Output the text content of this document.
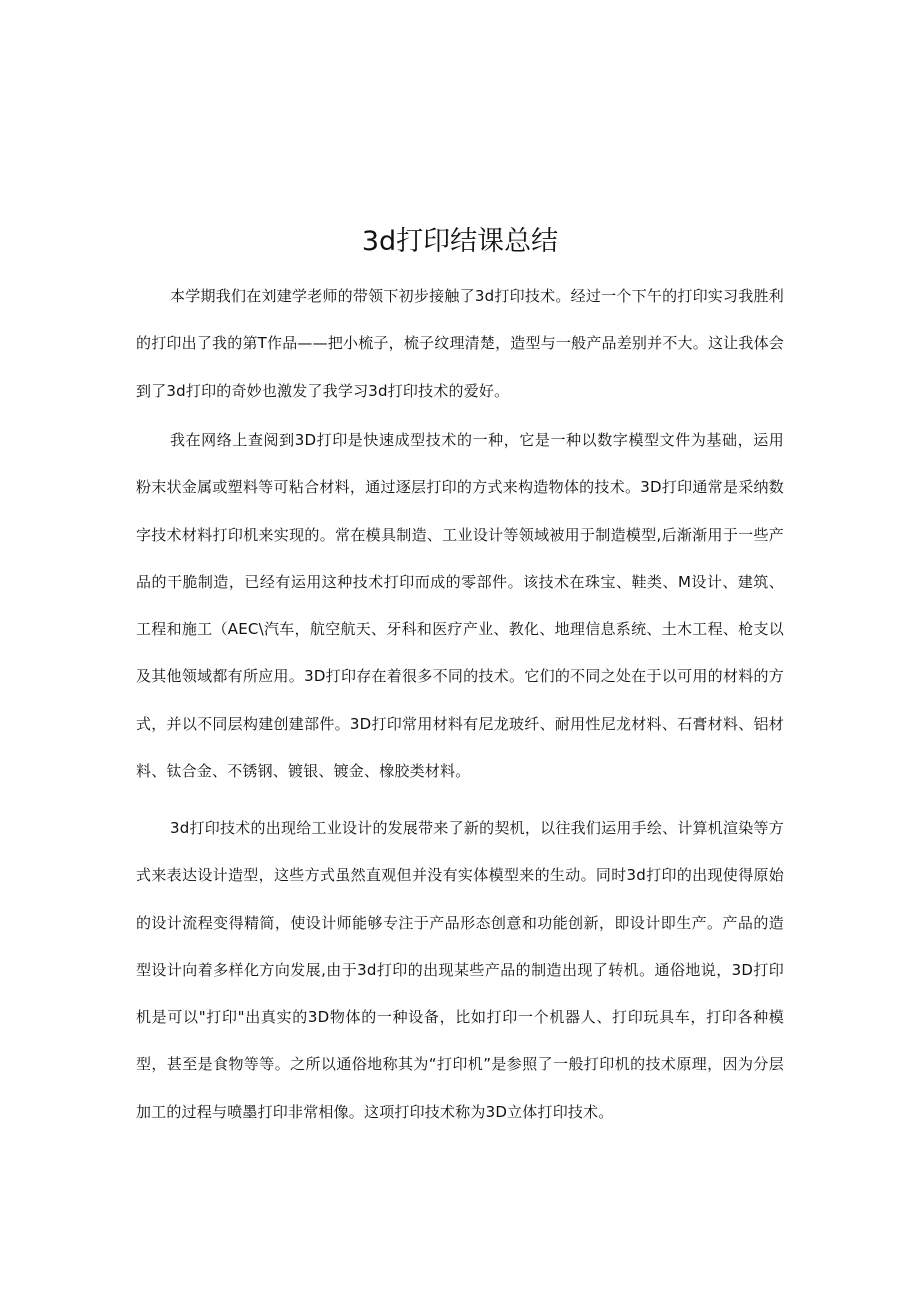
3d打印结课总结

本学期我们在刘建学老师的带领下初步接触了3d打印技术。经过一个下午的打印实习我胜利的打印出了我的第T作品——把小梳子，梳子纹理清楚，造型与一般产品差别并不大。这让我体会到了3d打印的奇妙也激发了我学习3d打印技术的爱好。

我在网络上查阅到3D打印是快速成型技术的一种，它是一种以数字模型文件为基础，运用粉末状金属或塑料等可粘合材料，通过逐层打印的方式来构造物体的技术。3D打印通常是采纳数字技术材料打印机来实现的。常在模具制造、工业设计等领域被用于制造模型,后渐渐用于一些产品的干脆制造，已经有运用这种技术打印而成的零部件。该技术在珠宝、鞋类、M设计、建筑、工程和施工（AEC\汽车，航空航天、牙科和医疗产业、教化、地理信息系统、土木工程、枪支以及其他领域都有所应用。3D打印存在着很多不同的技术。它们的不同之处在于以可用的材料的方式，并以不同层构建创建部件。3D打印常用材料有尼龙玻纤、耐用性尼龙材料、石膏材料、铝材料、钛合金、不锈钢、镀银、镀金、橡胶类材料。

3d打印技术的出现给工业设计的发展带来了新的契机，以往我们运用手绘、计算机渲染等方式来表达设计造型，这些方式虽然直观但并没有实体模型来的生动。同时3d打印的出现使得原始的设计流程变得精简，使设计师能够专注于产品形态创意和功能创新，即设计即生产。产品的造型设计向着多样化方向发展,由于3d打印的出现某些产品的制造出现了转机。通俗地说，3D打印机是可以"打印"出真实的3D物体的一种设备，比如打印一个机器人、打印玩具车，打印各种模型，甚至是食物等等。之所以通俗地称其为“打印机”是参照了一般打印机的技术原理，因为分层加工的过程与喷墨打印非常相像。这项打印技术称为3D立体打印技术。
